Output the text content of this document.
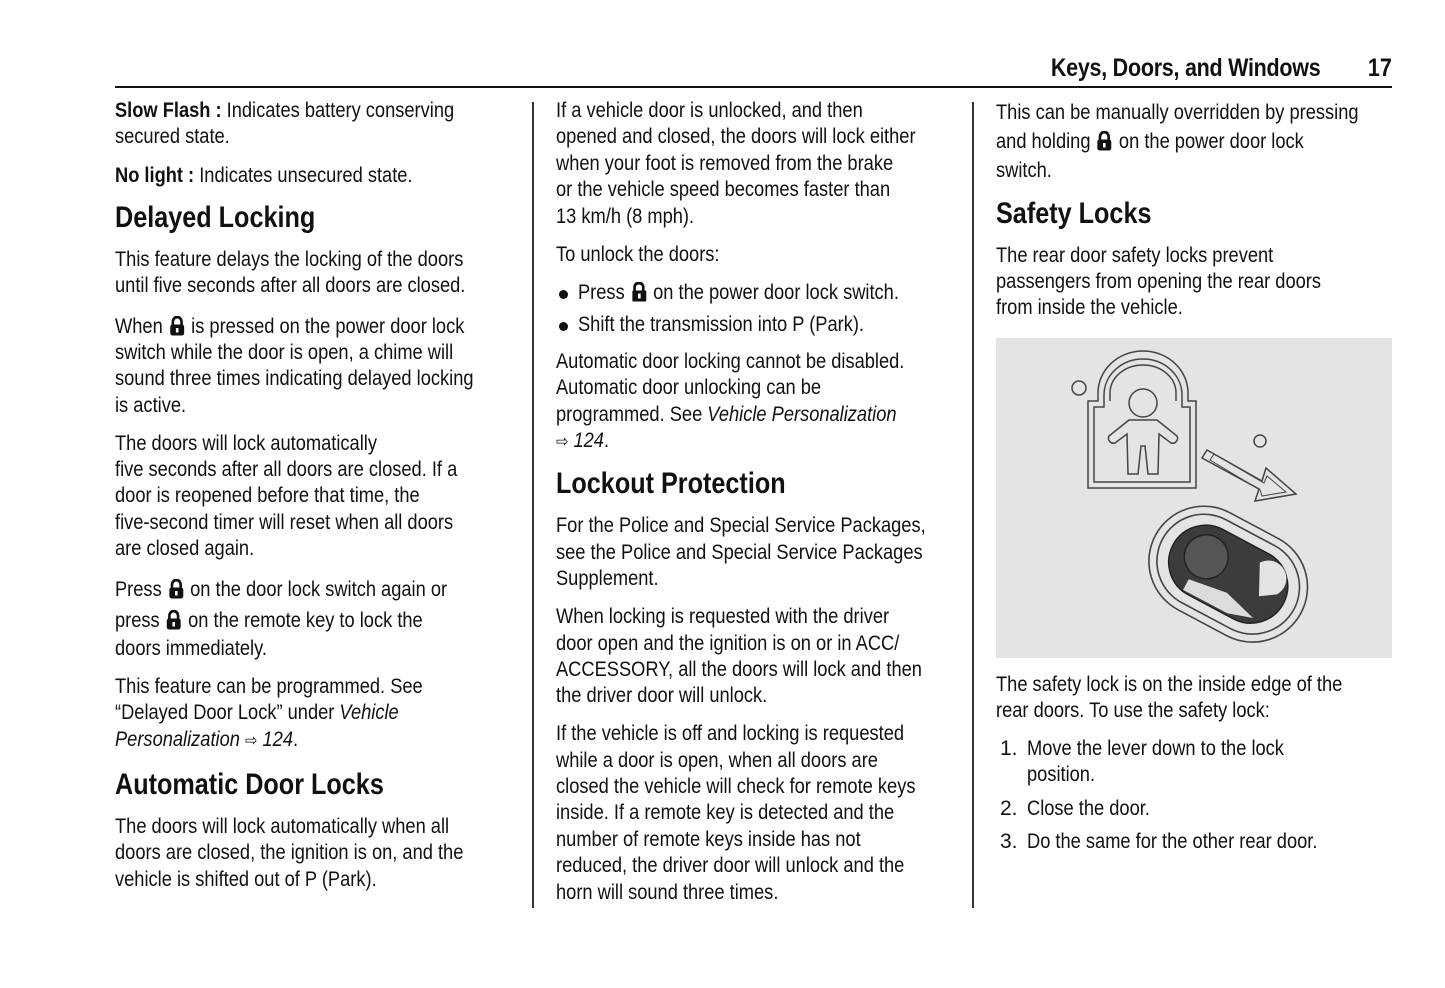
Keys, Doors, and Windows 17

Slow Flash : Indicates battery conserving
secured state.

No light : Indicates unsecured state.

Delayed Locking

This feature delays the locking of the doors
until five seconds after all doors are closed.

When is pressed on the power door lock
switch while the door is open, a chime will
sound three times indicating delayed locking
is active.

The doors will lock automatically
five seconds after all doors are closed. If a
door is reopened before that time, the
five-second timer will reset when all doors
are closed again.

Press on the door lock switch again or
press on the remote key to lock the
doors immediately.

This feature can be programmed. See
“Delayed Door Lock” under Vehicle
Personalization ⇨ 124.

Automatic Door Locks

The doors will lock automatically when all
doors are closed, the ignition is on, and the
vehicle is shifted out of P (Park).

If a vehicle door is unlocked, and then
opened and closed, the doors will lock either
when your foot is removed from the brake
or the vehicle speed becomes faster than
13 km/h (8 mph).

To unlock the doors:

Press on the power door lock switch.
Shift the transmission into P (Park).

Automatic door locking cannot be disabled.
Automatic door unlocking can be
programmed. See Vehicle Personalization
⇨ 124.

Lockout Protection

For the Police and Special Service Packages,
see the Police and Special Service Packages
Supplement.

When locking is requested with the driver
door open and the ignition is on or in ACC/
ACCESSORY, all the doors will lock and then
the driver door will unlock.

If the vehicle is off and locking is requested
while a door is open, when all doors are
closed the vehicle will check for remote keys
inside. If a remote key is detected and the
number of remote keys inside has not
reduced, the driver door will unlock and the
horn will sound three times.

This can be manually overridden by pressing
and holding on the power door lock
switch.

Safety Locks

The rear door safety locks prevent
passengers from opening the rear doors
from inside the vehicle.

The safety lock is on the inside edge of the
rear doors. To use the safety lock:

1. Move the lever down to the lock
position.
2. Close the door.
3. Do the same for the other rear door.
